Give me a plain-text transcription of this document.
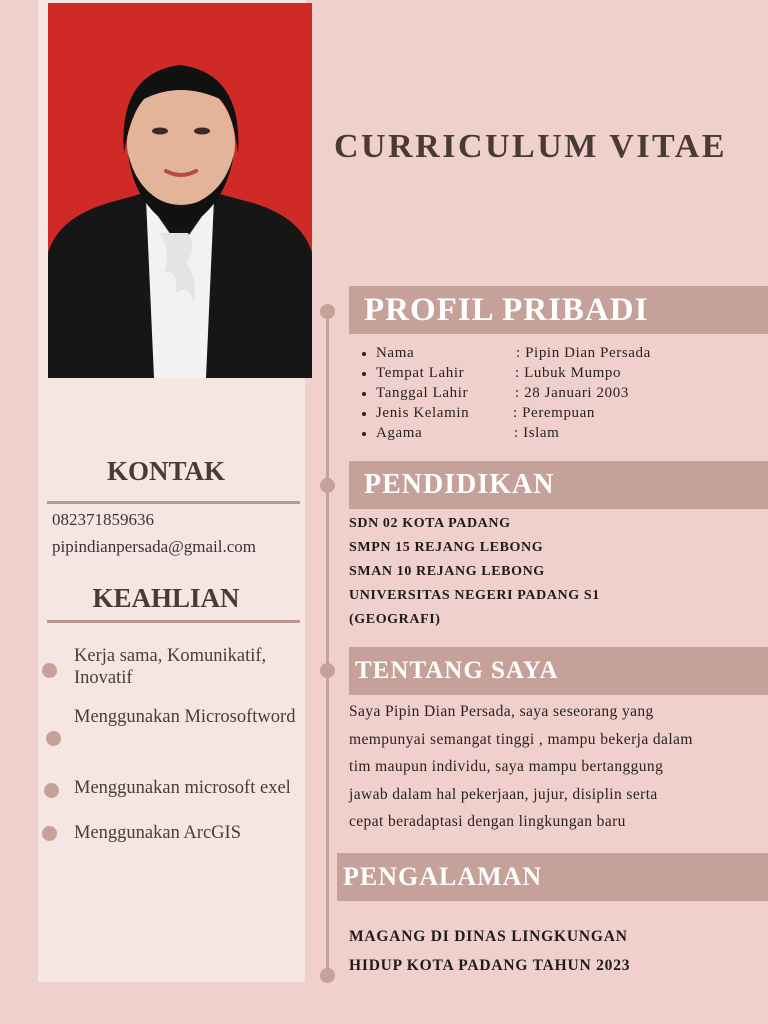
CURRICULUM VITAE
KONTAK
082371859636
pipindianpersada@gmail.com
KEAHLIAN
Kerja sama, Komunikatif, Inovatif
Menggunakan Microsoftword
Menggunakan microsoft exel
Menggunakan ArcGIS
PROFIL PRIBADI
Nama	: Pipin Dian Persada
Tempat Lahir	: Lubuk Mumpo
Tanggal Lahir	: 28 Januari 2003
Jenis Kelamin	: Perempuan
Agama	: Islam
PENDIDIKAN
SDN 02 KOTA PADANG
SMPN 15 REJANG LEBONG
SMAN 10 REJANG LEBONG
UNIVERSITAS NEGERI PADANG S1
(GEOGRAFI)
TENTANG SAYA
Saya Pipin Dian Persada, saya seseorang yang
mempunyai semangat tinggi , mampu bekerja dalam
tim maupun individu, saya mampu bertanggung
jawab dalam hal pekerjaan, jujur, disiplin serta
cepat beradaptasi dengan lingkungan baru
PENGALAMAN
MAGANG DI DINAS LINGKUNGAN
HIDUP KOTA PADANG TAHUN 2023
